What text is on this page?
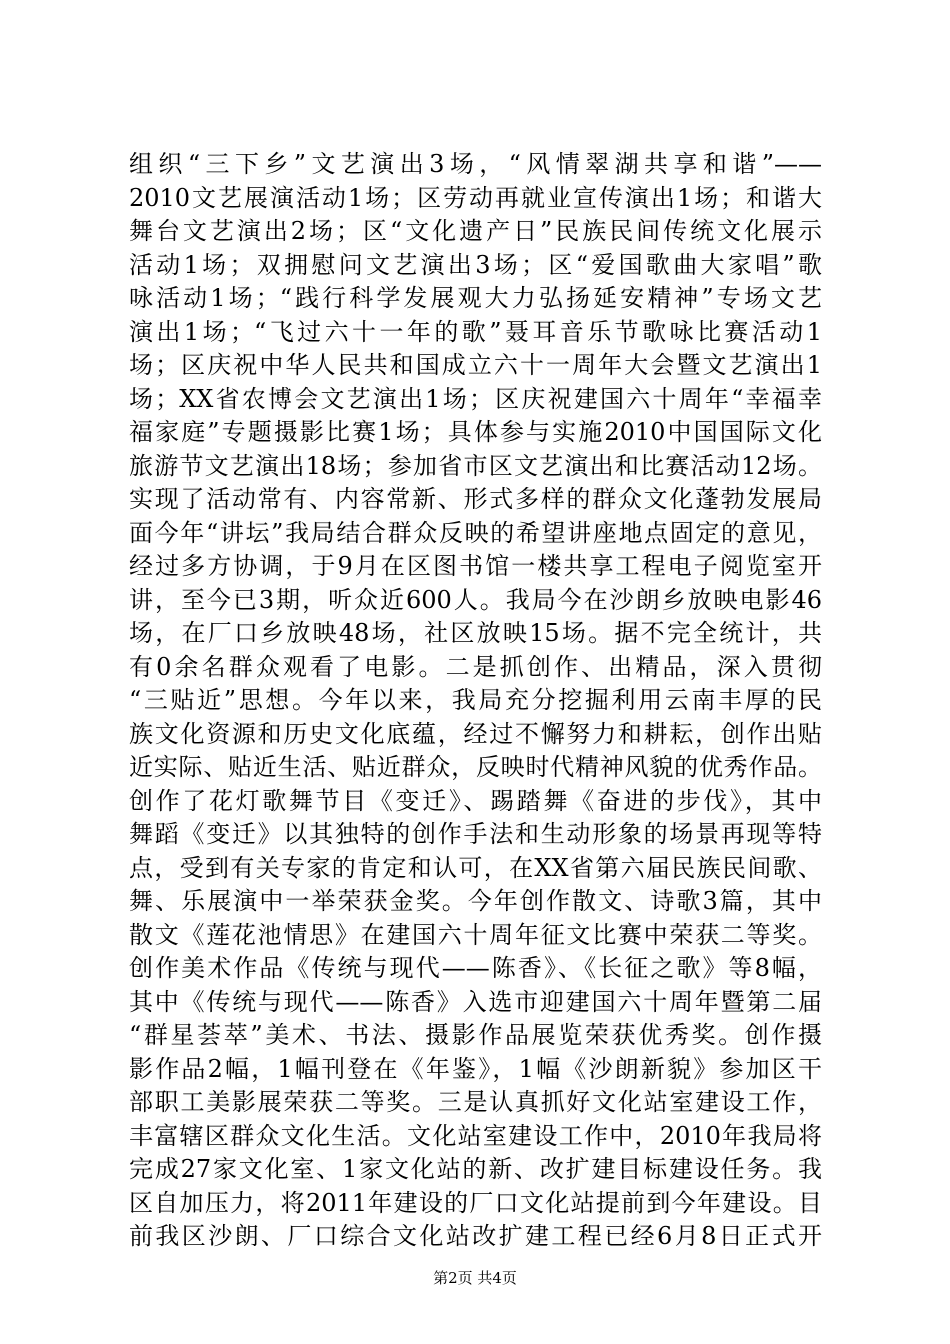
组织“三下乡”文艺演出3场，“风情翠湖共享和谐”——
2010文艺展演活动1场；区劳动再就业宣传演出1场；和谐大
舞台文艺演出2场；区“文化遗产日”民族民间传统文化展示
活动1场；双拥慰问文艺演出3场；区“爱国歌曲大家唱”歌
咏活动1场；“践行科学发展观大力弘扬延安精神”专场文艺
演出1场；“飞过六十一年的歌”聂耳音乐节歌咏比赛活动1
场；区庆祝中华人民共和国成立六十一周年大会暨文艺演出1
场；XX省农博会文艺演出1场；区庆祝建国六十周年“幸福幸
福家庭”专题摄影比赛1场；具体参与实施2010中国国际文化
旅游节文艺演出18场；参加省市区文艺演出和比赛活动12场。
实现了活动常有、内容常新、形式多样的群众文化蓬勃发展局
面今年“讲坛”我局结合群众反映的希望讲座地点固定的意见，
经过多方协调，于9月在区图书馆一楼共享工程电子阅览室开
讲，至今已3期，听众近600人。我局今在沙朗乡放映电影46
场，在厂口乡放映48场，社区放映15场。据不完全统计，共
有0余名群众观看了电影。二是抓创作、出精品，深入贯彻
“三贴近”思想。今年以来，我局充分挖掘利用云南丰厚的民
族文化资源和历史文化底蕴，经过不懈努力和耕耘，创作出贴
近实际、贴近生活、贴近群众，反映时代精神风貌的优秀作品。
创作了花灯歌舞节目《变迁》、踢踏舞《奋进的步伐》，其中
舞蹈《变迁》以其独特的创作手法和生动形象的场景再现等特
点，受到有关专家的肯定和认可，在XX省第六届民族民间歌、
舞、乐展演中一举荣获金奖。今年创作散文、诗歌3篇，其中
散文《莲花池情思》在建国六十周年征文比赛中荣获二等奖。
创作美术作品《传统与现代——陈香》、《长征之歌》等8幅，
其中《传统与现代——陈香》入选市迎建国六十周年暨第二届
“群星荟萃”美术、书法、摄影作品展览荣获优秀奖。创作摄
影作品2幅，1幅刊登在《年鉴》，1幅《沙朗新貌》参加区干
部职工美影展荣获二等奖。三是认真抓好文化站室建设工作，
丰富辖区群众文化生活。文化站室建设工作中，2010年我局将
完成27家文化室、1家文化站的新、改扩建目标建设任务。我
区自加压力，将2011年建设的厂口文化站提前到今年建设。目
前我区沙朗、厂口综合文化站改扩建工程已经6月8日正式开
第2页 共4页
